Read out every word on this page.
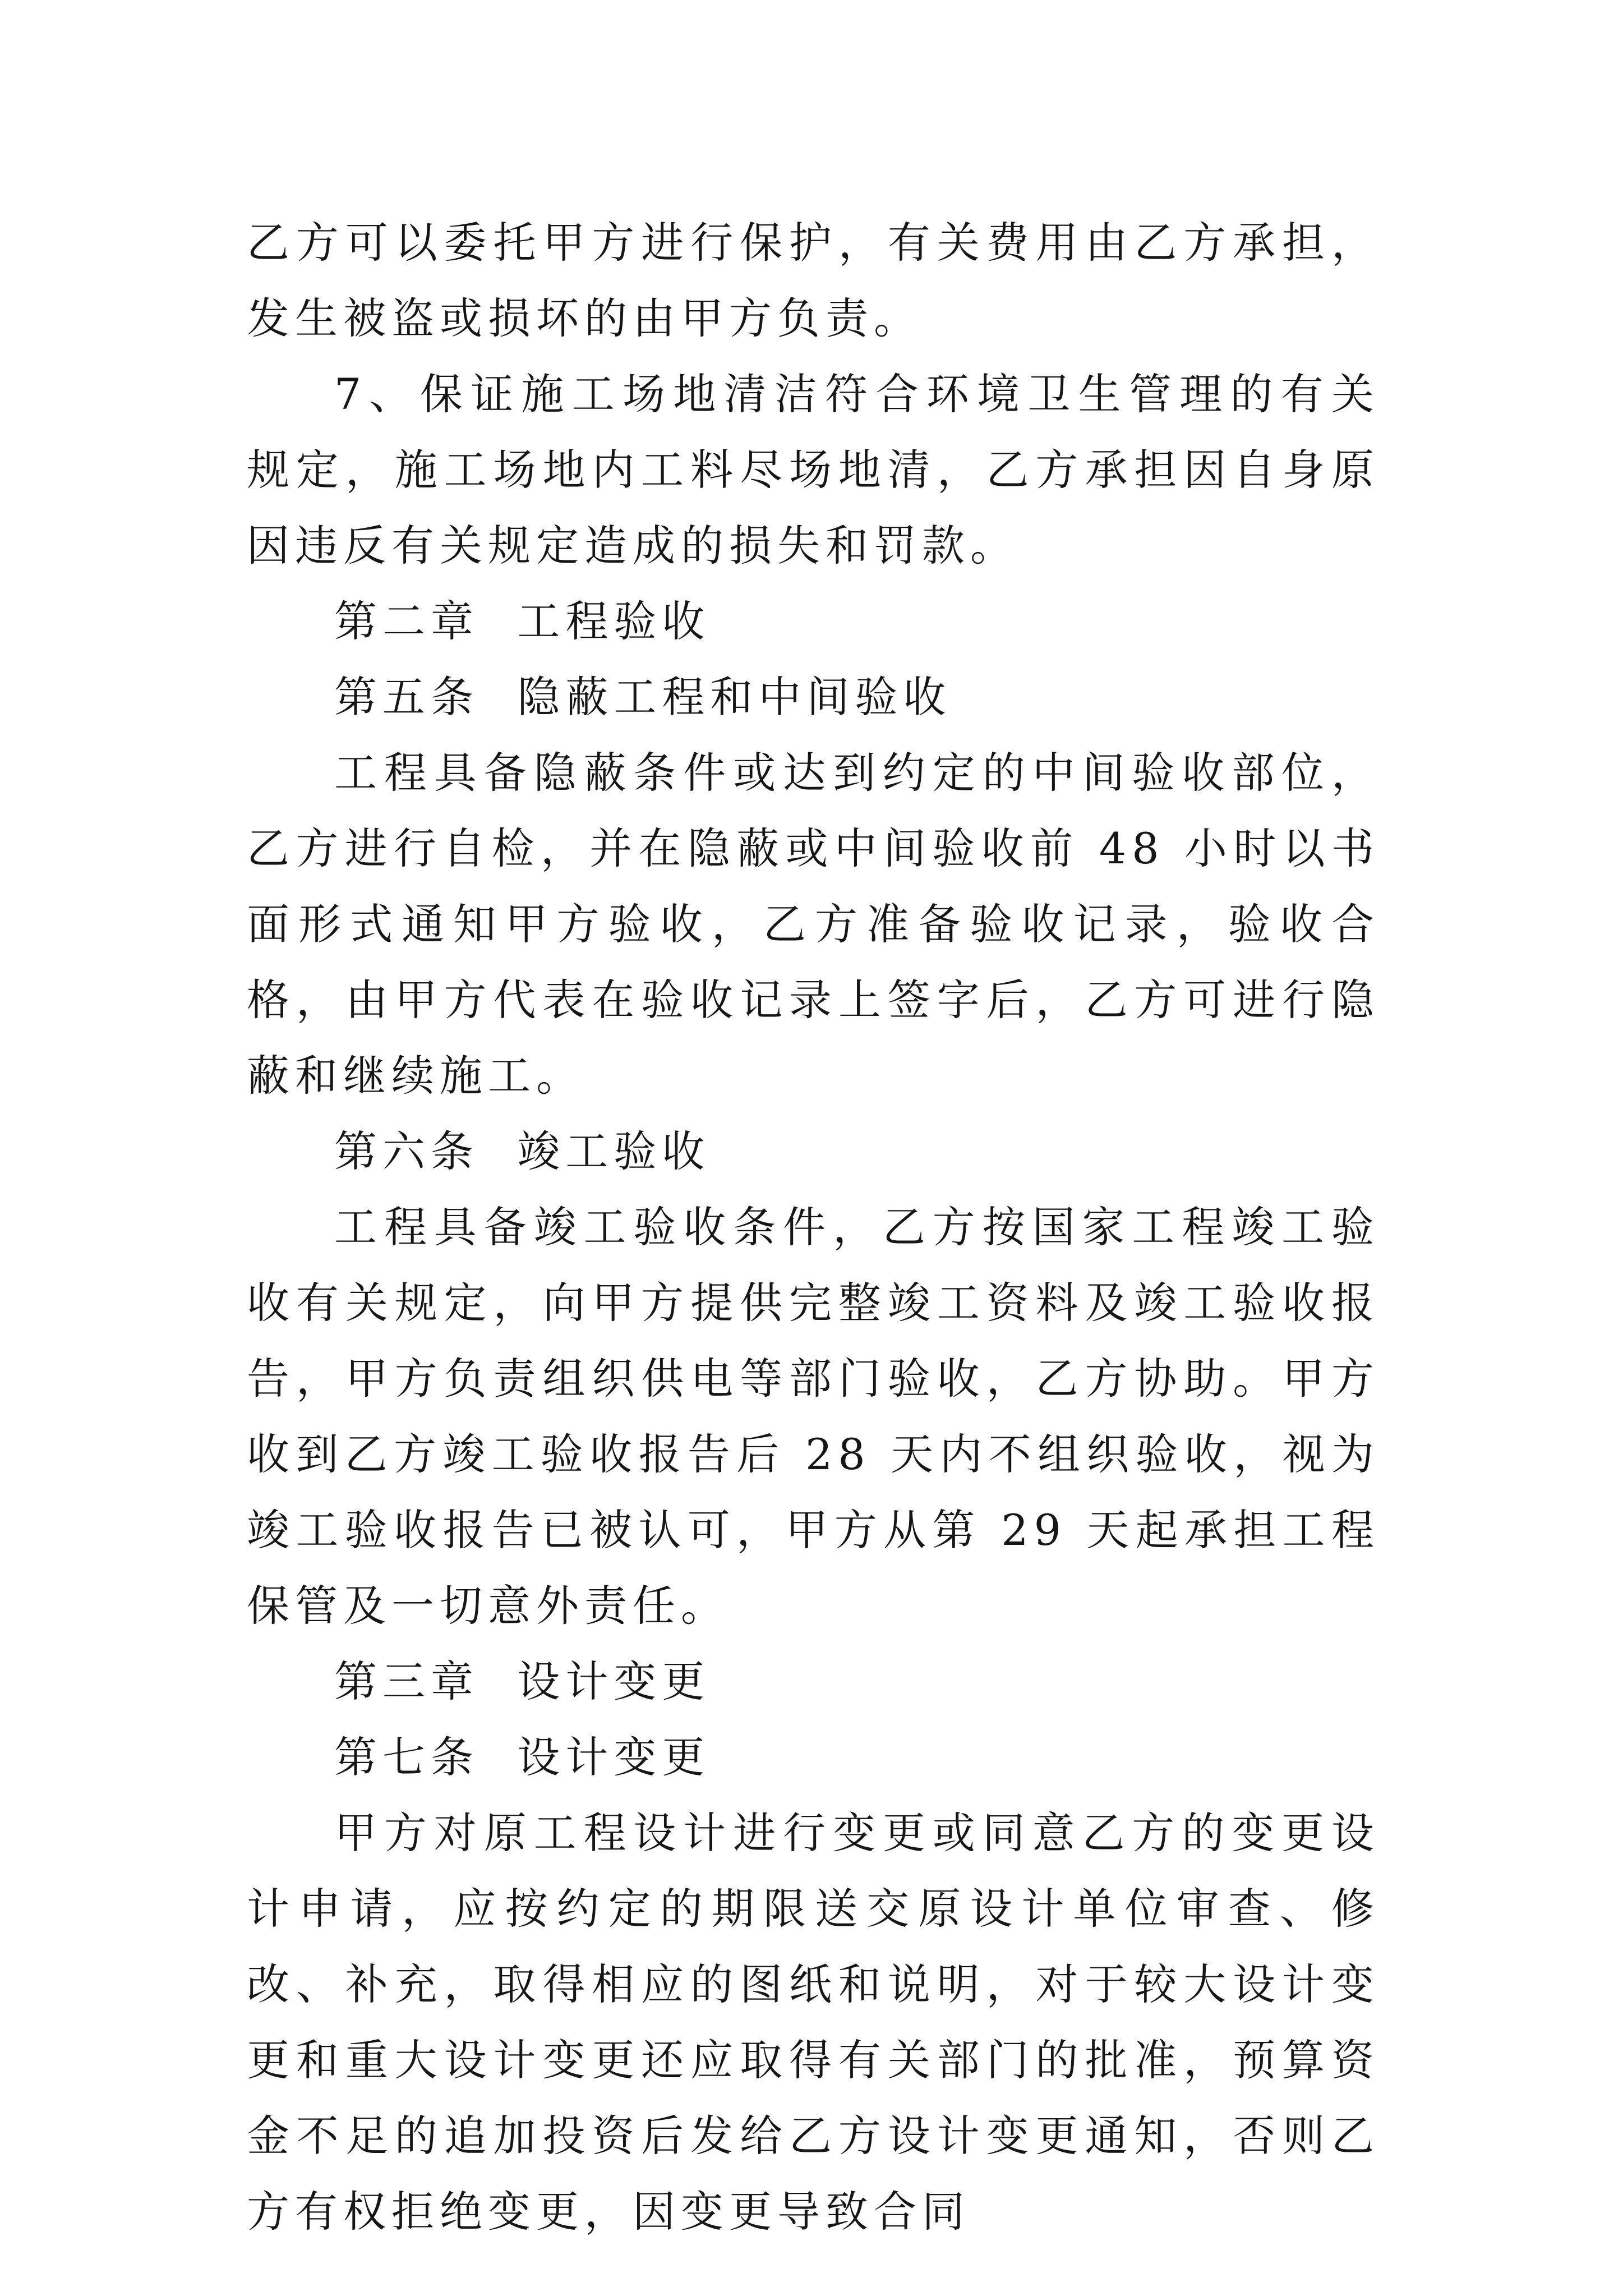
乙方可以委托甲方进行保护，有关费用由乙方承担，发生被盗或损坏的由甲方负责。

7、保证施工场地清洁符合环境卫生管理的有关规定，施工场地内工料尽场地清，乙方承担因自身原因违反有关规定造成的损失和罚款。

第二章  工程验收

第五条  隐蔽工程和中间验收

工程具备隐蔽条件或达到约定的中间验收部位，乙方进行自检，并在隐蔽或中间验收前 48 小时以书面形式通知甲方验收，乙方准备验收记录，验收合格，由甲方代表在验收记录上签字后，乙方可进行隐蔽和继续施工。

第六条  竣工验收

工程具备竣工验收条件，乙方按国家工程竣工验收有关规定，向甲方提供完整竣工资料及竣工验收报告，甲方负责组织供电等部门验收，乙方协助。甲方收到乙方竣工验收报告后 28 天内不组织验收，视为竣工验收报告已被认可，甲方从第 29 天起承担工程保管及一切意外责任。

第三章  设计变更

第七条  设计变更

甲方对原工程设计进行变更或同意乙方的变更设计申请，应按约定的期限送交原设计单位审查、修改、补充，取得相应的图纸和说明，对于较大设计变更和重大设计变更还应取得有关部门的批准，预算资金不足的追加投资后发给乙方设计变更通知，否则乙方有权拒绝变更，因变更导致合同
